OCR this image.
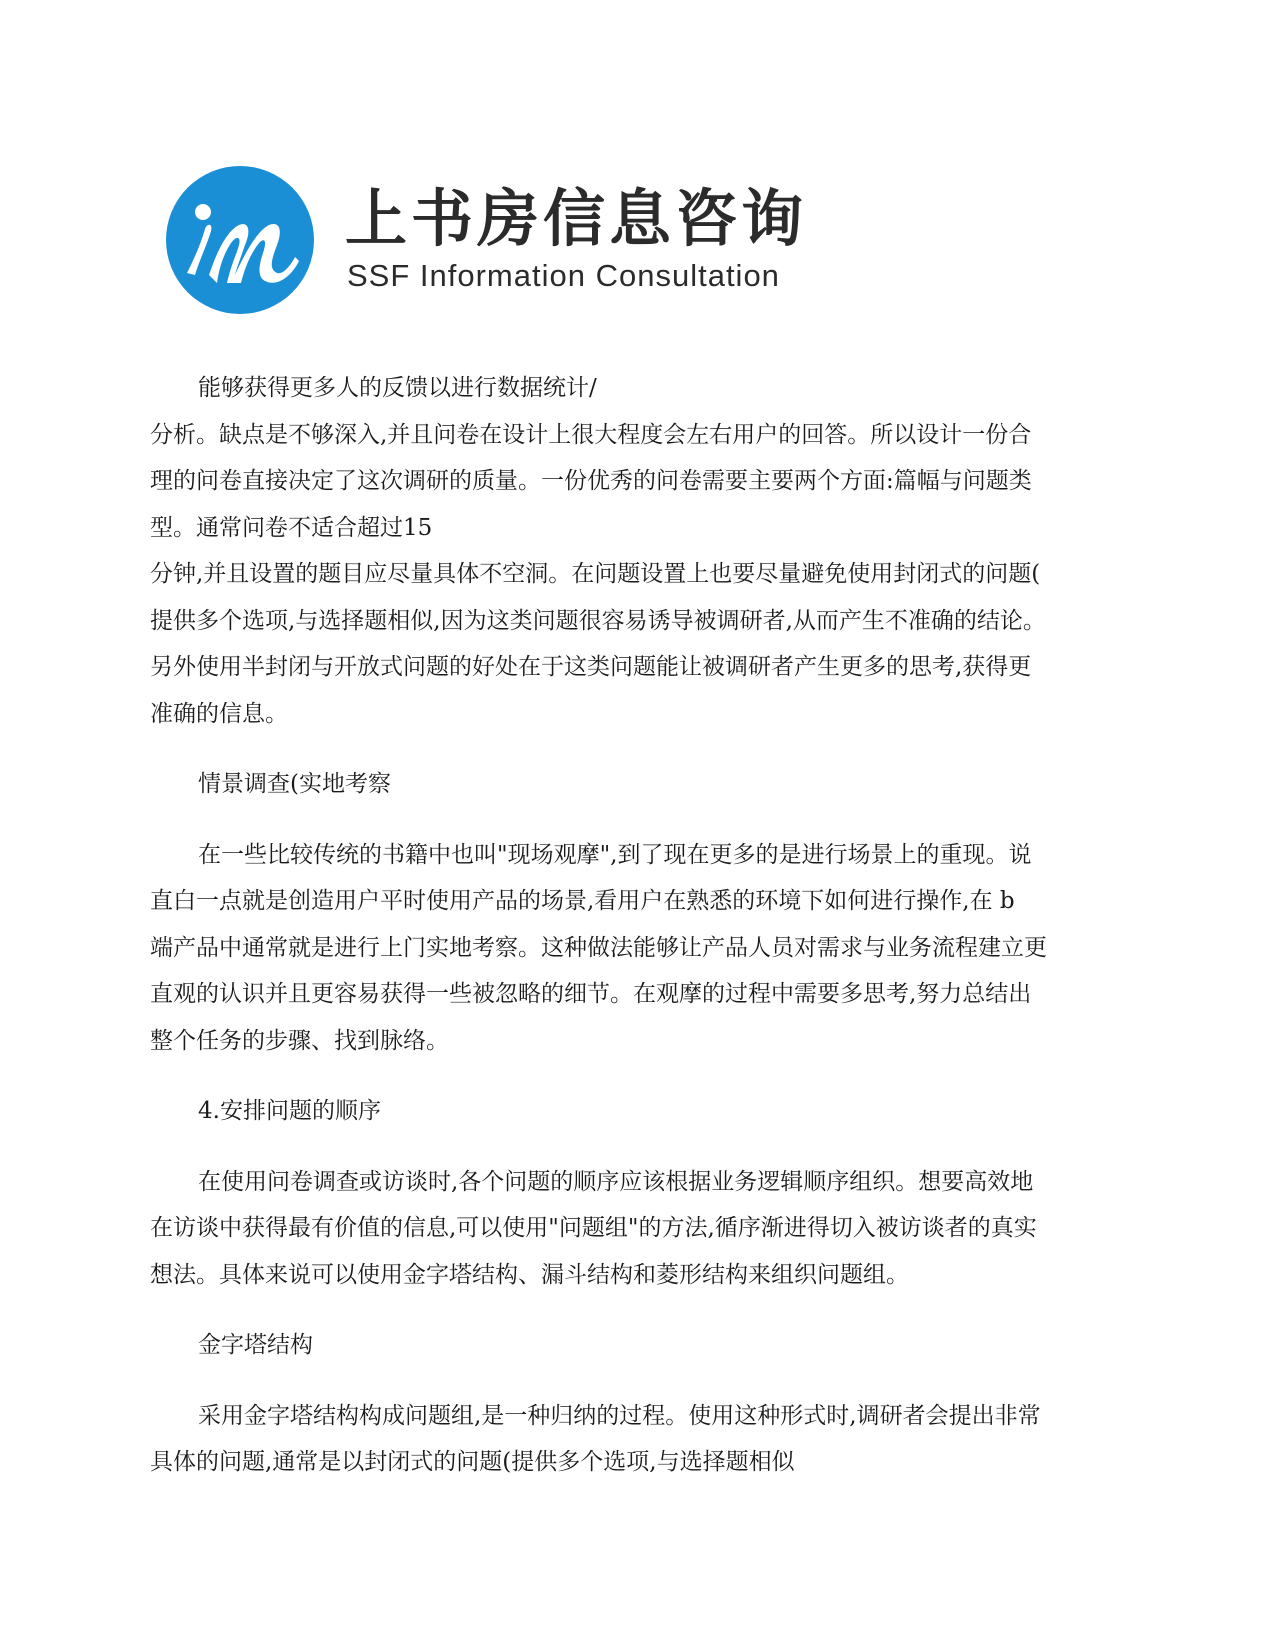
上书房信息咨询
SSF Information Consultation
能够获得更多人的反馈以进行数据统计/
分析。缺点是不够深入,并且问卷在设计上很大程度会左右用户的回答。所以设计一份合
理的问卷直接决定了这次调研的质量。一份优秀的问卷需要主要两个方面:篇幅与问题类
型。通常问卷不适合超过15
分钟,并且设置的题目应尽量具体不空洞。在问题设置上也要尽量避免使用封闭式的问题(
提供多个选项,与选择题相似,因为这类问题很容易诱导被调研者,从而产生不准确的结论。
另外使用半封闭与开放式问题的好处在于这类问题能让被调研者产生更多的思考,获得更
准确的信息。
情景调查(实地考察
在一些比较传统的书籍中也叫"现场观摩",到了现在更多的是进行场景上的重现。说
直白一点就是创造用户平时使用产品的场景,看用户在熟悉的环境下如何进行操作,在 b
端产品中通常就是进行上门实地考察。这种做法能够让产品人员对需求与业务流程建立更
直观的认识并且更容易获得一些被忽略的细节。在观摩的过程中需要多思考,努力总结出
整个任务的步骤、找到脉络。
4.安排问题的顺序
在使用问卷调查或访谈时,各个问题的顺序应该根据业务逻辑顺序组织。想要高效地
在访谈中获得最有价值的信息,可以使用"问题组"的方法,循序渐进得切入被访谈者的真实
想法。具体来说可以使用金字塔结构、漏斗结构和菱形结构来组织问题组。
金字塔结构
采用金字塔结构构成问题组,是一种归纳的过程。使用这种形式时,调研者会提出非常
具体的问题,通常是以封闭式的问题(提供多个选项,与选择题相似
